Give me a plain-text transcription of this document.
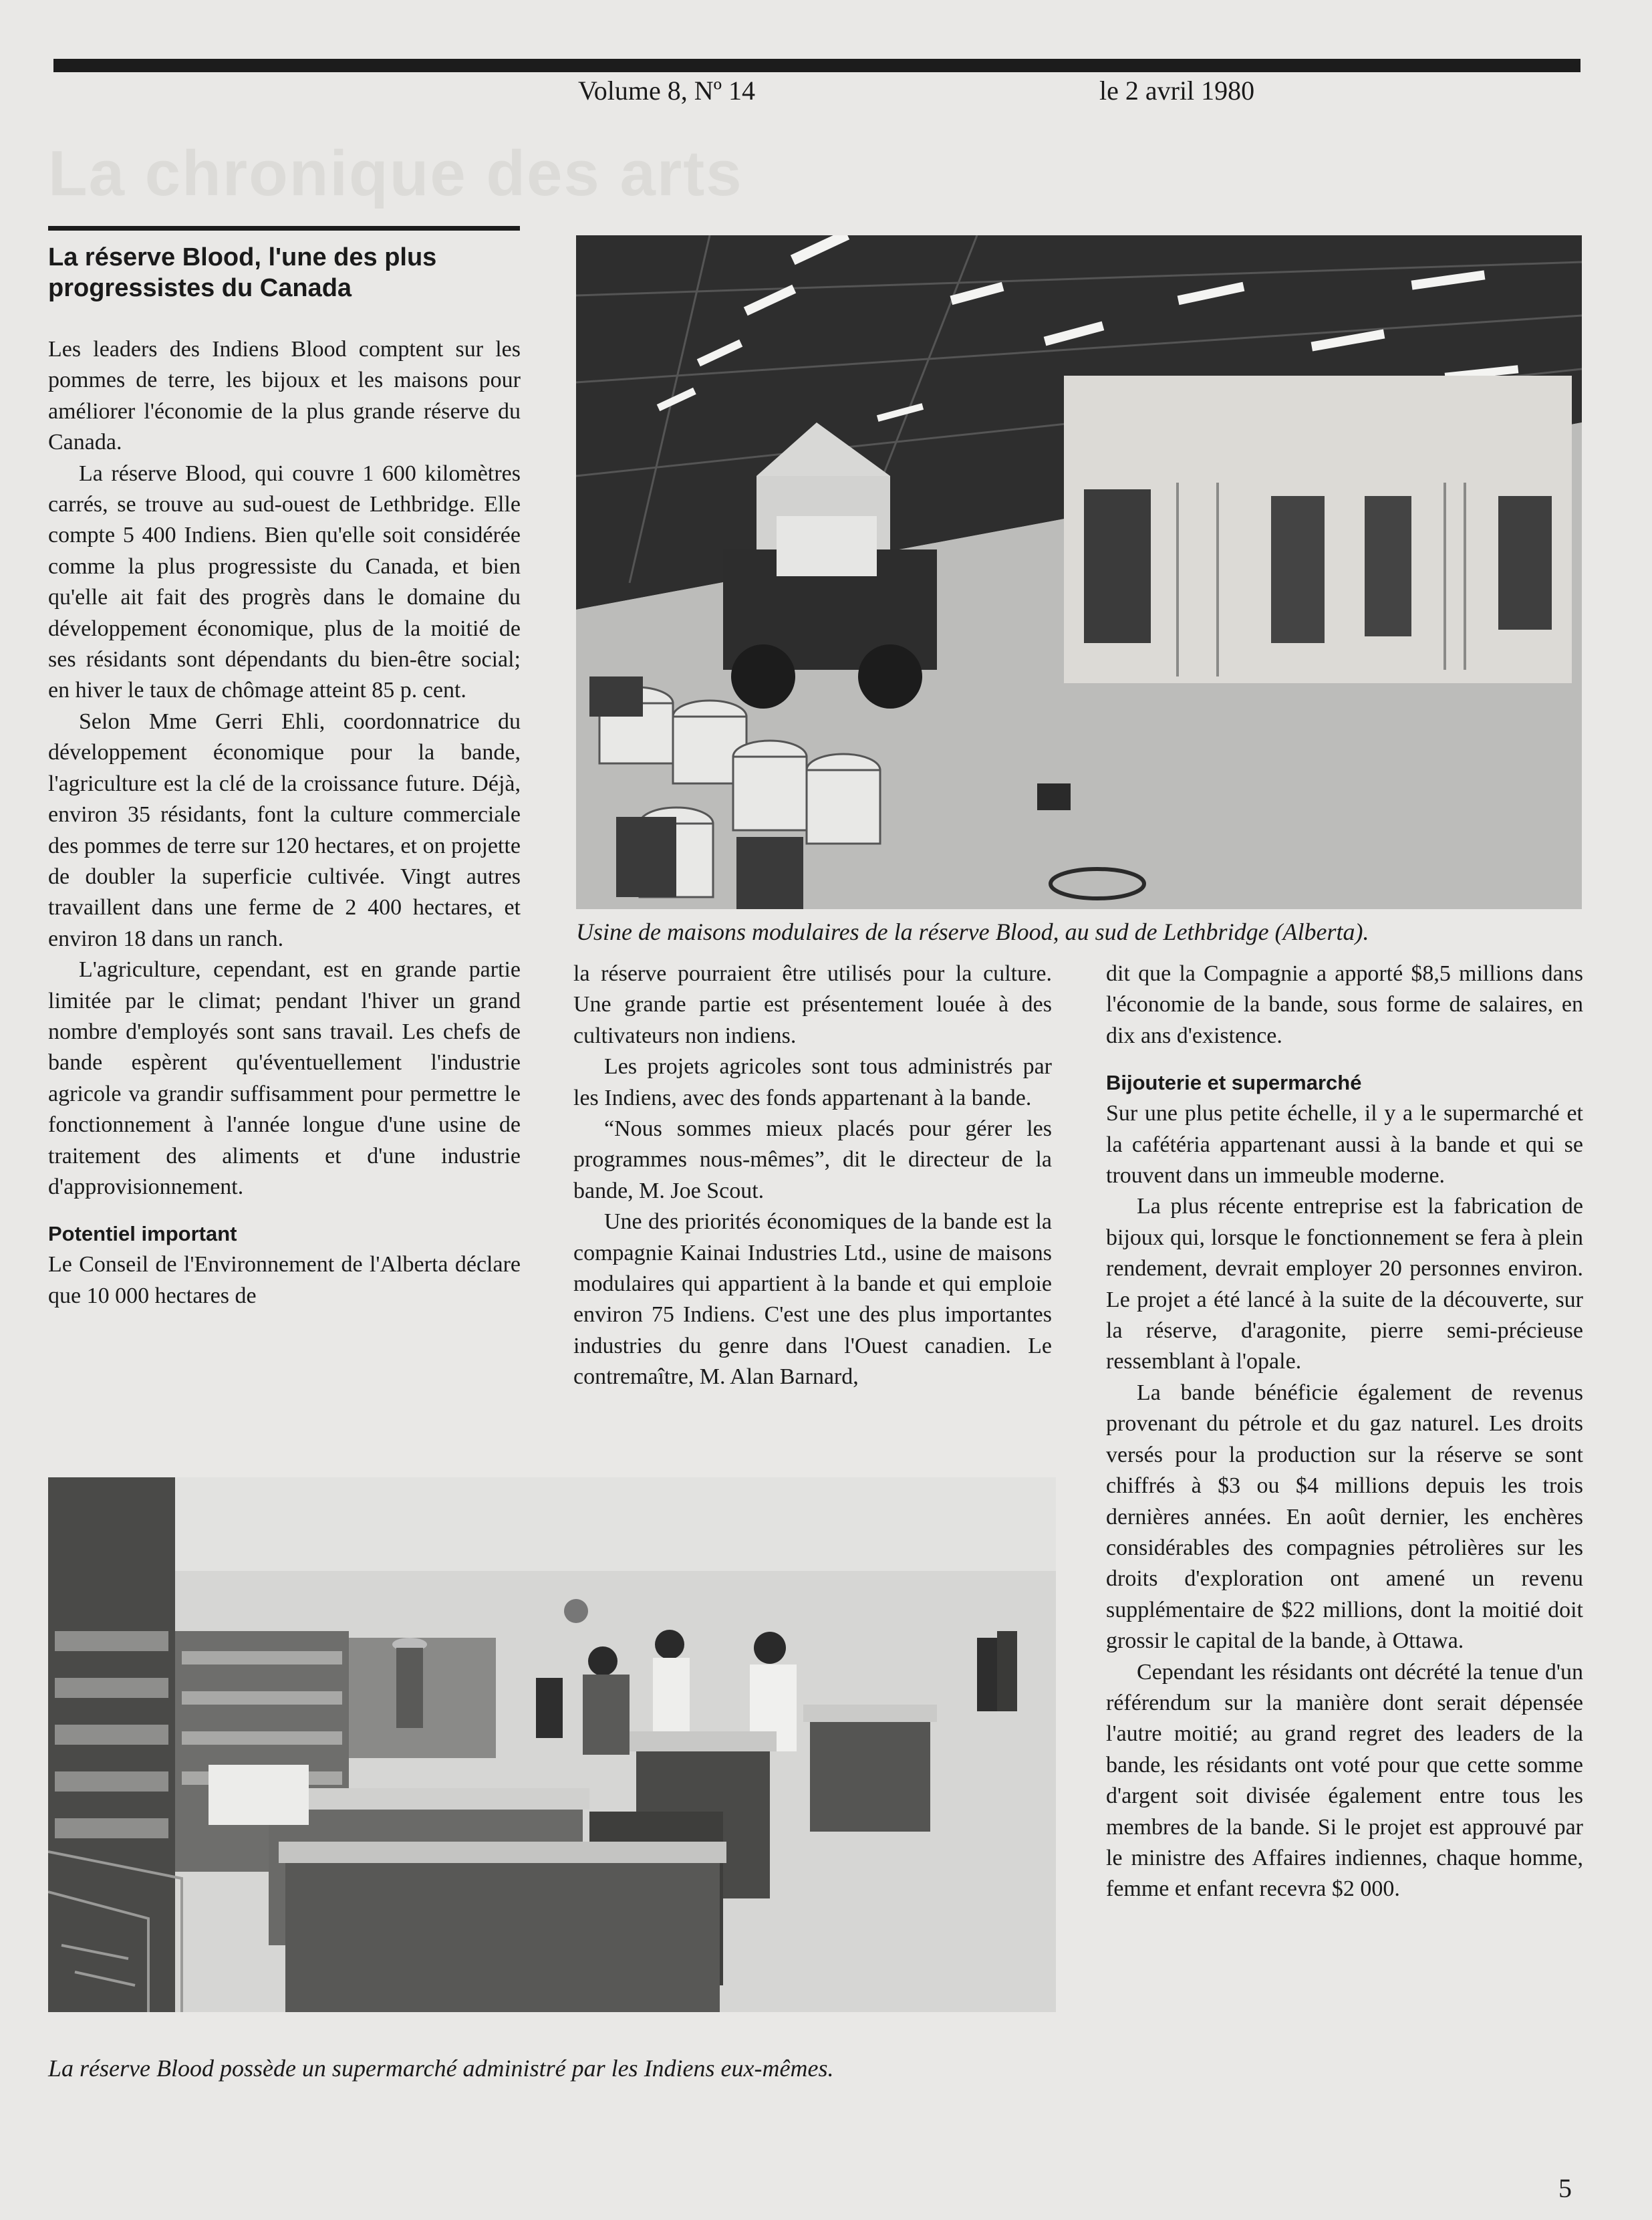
Volume 8, Nº 14	le 2 avril 1980
La chronique des arts
La réserve Blood, l'une des plus progressistes du Canada

Les leaders des Indiens Blood comptent sur les pommes de terre, les bijoux et les maisons pour améliorer l'économie de la plus grande réserve du Canada.

La réserve Blood, qui couvre 1 600 kilomètres carrés, se trouve au sud-ouest de Lethbridge. Elle compte 5 400 Indiens. Bien qu'elle soit considérée comme la plus progressiste du Canada, et bien qu'elle ait fait des progrès dans le domaine du développement économique, plus de la moitié de ses résidants sont dépendants du bien-être social; en hiver le taux de chômage atteint 85 p. cent.

Selon Mme Gerri Ehli, coordonnatrice du développement économique pour la bande, l'agriculture est la clé de la croissance future. Déjà, environ 35 résidants, font la culture commerciale des pommes de terre sur 120 hectares, et on projette de doubler la superficie cultivée. Vingt autres travaillent dans une ferme de 2 400 hectares, et environ 18 dans un ranch.

L'agriculture, cependant, est en grande partie limitée par le climat; pendant l'hiver un grand nombre d'employés sont sans travail. Les chefs de bande espèrent qu'éventuellement l'industrie agricole va grandir suffisamment pour permettre le fonctionnement à l'année longue d'une usine de traitement des aliments et d'une industrie d'approvisionnement.

Potentiel important

Le Conseil de l'Environnement de l'Alberta déclare que 10 000 hectares de

Usine de maisons modulaires de la réserve Blood, au sud de Lethbridge (Alberta).

la réserve pourraient être utilisés pour la culture. Une grande partie est présentement louée à des cultivateurs non indiens.

Les projets agricoles sont tous administrés par les Indiens, avec des fonds appartenant à la bande.

“Nous sommes mieux placés pour gérer les programmes nous-mêmes”, dit le directeur de la bande, M. Joe Scout.

Une des priorités économiques de la bande est la compagnie Kainai Industries Ltd., usine de maisons modulaires qui appartient à la bande et qui emploie environ 75 Indiens. C'est une des plus importantes industries du genre dans l'Ouest canadien. Le contremaître, M. Alan Barnard,

dit que la Compagnie a apporté $8,5 millions dans l'économie de la bande, sous forme de salaires, en dix ans d'existence.

Bijouterie et supermarché

Sur une plus petite échelle, il y a le supermarché et la cafétéria appartenant aussi à la bande et qui se trouvent dans un immeuble moderne.

La plus récente entreprise est la fabrication de bijoux qui, lorsque le fonctionnement se fera à plein rendement, devrait employer 20 personnes environ. Le projet a été lancé à la suite de la découverte, sur la réserve, d'aragonite, pierre semi-précieuse ressemblant à l'opale.

La bande bénéficie également de revenus provenant du pétrole et du gaz naturel. Les droits versés pour la production sur la réserve se sont chiffrés à $3 ou $4 millions depuis les trois dernières années. En août dernier, les enchères considérables des compagnies pétrolières sur les droits d'exploration ont amené un revenu supplémentaire de $22 millions, dont la moitié doit grossir le capital de la bande, à Ottawa.

Cependant les résidants ont décrété la tenue d'un référendum sur la manière dont serait dépensée l'autre moitié; au grand regret des leaders de la bande, les résidants ont voté pour que cette somme d'argent soit divisée également entre tous les membres de la bande. Si le projet est approuvé par le ministre des Affaires indiennes, chaque homme, femme et enfant recevra $2 000.

La réserve Blood possède un supermarché administré par les Indiens eux-mêmes.
5
